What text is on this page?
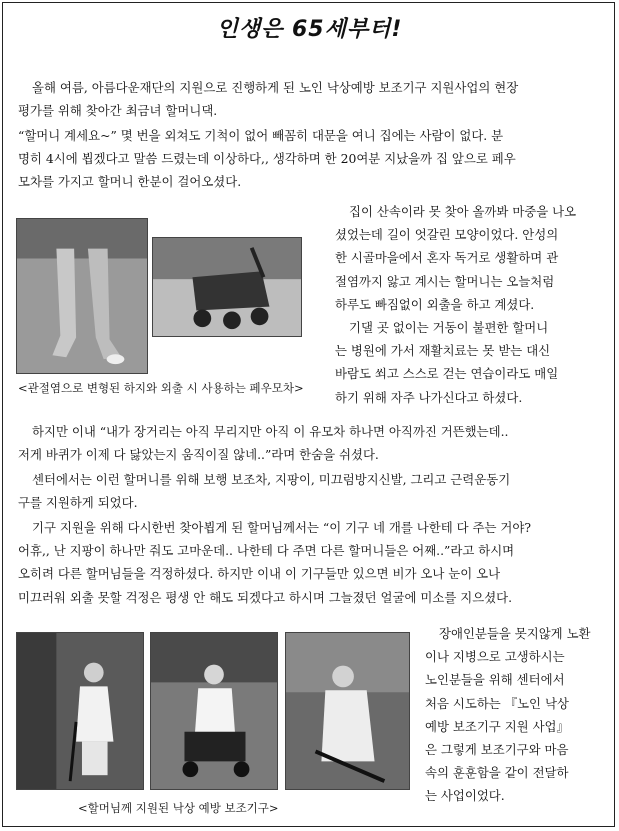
인생은 65세부터!
올해 여름, 아름다운재단의 지원으로 진행하게 된 노인 낙상예방 보조기구 지원사업의 현장
평가를 위해 찾아간 최금녀 할머니댁.
“할머니 계세요~” 몇 번을 외쳐도 기척이 없어 빼꼼히 대문을 여니 집에는 사람이 없다. 분
명히 4시에 뵙겠다고 말씀 드렸는데 이상하다,, 생각하며 한 20여분 지났을까 집 앞으로 페우
모차를 가지고 할머니 한분이 걸어오셨다.
집이 산속이라 못 찾아 올까봐 마중을 나오
셨었는데 길이 엇갈린 모양이었다. 안성의
한 시골마을에서 혼자 독거로 생활하며 관
절염까지 앓고 계시는 할머니는 오늘처럼
하루도 빠짐없이 외출을 하고 계셨다.
기댈 곳 없이는 거동이 불편한 할머니
는 병원에 가서 재활치료는 못 받는 대신
바람도 쐬고 스스로 걷는 연습이라도 매일
하기 위해 자주 나가신다고 하셨다.
<관절염으로 변형된 하지와 외출 시 사용하는 페우모차>
하지만 이내 “내가 장거리는 아직 무리지만 아직 이 유모차 하나면 아직까진 거뜬했는데..
저게 바퀴가 이제 다 닳았는지 움직이질 않네..”라며 한숨을 쉬셨다.
센터에서는 이런 할머니를 위해 보행 보조차, 지팡이, 미끄럼방지신발, 그리고 근력운동기
구를 지원하게 되었다.
기구 지원을 위해 다시한번 찾아뵙게 된 할머님께서는 “이 기구 네 개를 나한테 다 주는 거야?
어휴,, 난 지팡이 하나만 줘도 고마운데.. 나한테 다 주면 다른 할머니들은 어째..”라고 하시며
오히려 다른 할머님들을 걱정하셨다. 하지만 이내 이 기구들만 있으면 비가 오나 눈이 오나
미끄러워 외출 못할 걱정은 평생 안 해도 되겠다고 하시며 그늘졌던 얼굴에 미소를 지으셨다.
장애인분들을 못지않게 노환
이나 지병으로 고생하시는
노인분들을 위해 센터에서
처음 시도하는 『노인 낙상
예방 보조기구 지원 사업』
은 그렇게 보조기구와 마음
속의 훈훈함을 같이 전달하
는 사업이었다.
<할머님께 지원된 낙상 예방 보조기구>
